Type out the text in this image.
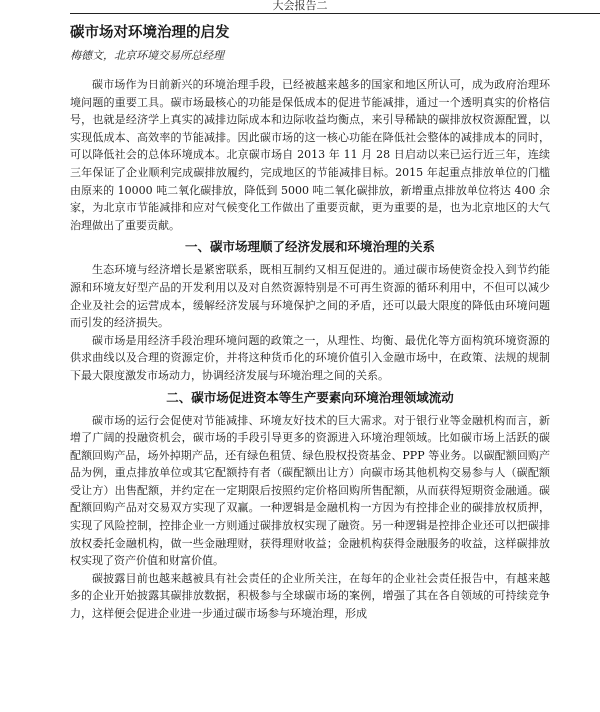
大会报告二
碳市场对环境治理的启发
梅德文，北京环境交易所总经理

碳市场作为日前新兴的环境治理手段，已经被越来越多的国家和地区所认可，成为政府治理环境问题的重要工具。碳市场最核心的功能是保低成本的促进节能减排，通过一个透明真实的价格信号，也就是经济学上真实的减排边际成本和边际收益均衡点，来引导稀缺的碳排放权资源配置，以实现低成本、高效率的节能减排。因此碳市场的这一核心功能在降低社会整体的减排成本的同时，可以降低社会的总体环境成本。北京碳市场自 2013 年 11 月 28 日启动以来已运行近三年，连续三年保证了企业顺利完成碳排放履约，完成地区的节能减排目标。2015 年起重点排放单位的门槛由原来的 10000 吨二氧化碳排放，降低到 5000 吨二氧化碳排放，新增重点排放单位将达 400 余家，为北京市节能减排和应对气候变化工作做出了重要贡献，更为重要的是，也为北京地区的大气治理做出了重要贡献。

一、碳市场理顺了经济发展和环境治理的关系

生态环境与经济增长是紧密联系，既相互制约又相互促进的。通过碳市场使资金投入到节约能源和环境友好型产品的开发利用以及对自然资源特别是不可再生资源的循环利用中，不但可以减少企业及社会的运营成本，缓解经济发展与环境保护之间的矛盾，还可以最大限度的降低由环境问题而引发的经济损失。

碳市场是用经济手段治理环境问题的政策之一，从理性、均衡、最优化等方面构筑环境资源的供求曲线以及合理的资源定价，并将这种货币化的环境价值引入金融市场中，在政策、法规的规制下最大限度激发市场动力，协调经济发展与环境治理之间的关系。

二、碳市场促进资本等生产要素向环境治理领域流动

碳市场的运行会促使对节能减排、环境友好技术的巨大需求。对于银行业等金融机构而言，新增了广阔的投融资机会，碳市场的手段引导更多的资源进入环境治理领域。比如碳市场上活跃的碳配额回购产品，场外掉期产品，还有绿色租赁、绿色股权投资基金、PPP 等业务。以碳配额回购产品为例，重点排放单位或其它配额持有者（碳配额出让方）向碳市场其他机构交易参与人（碳配额受让方）出售配额，并约定在一定期限后按照约定价格回购所售配额，从而获得短期资金融通。碳配额回购产品对交易双方实现了双赢。一种逻辑是金融机构一方因为有控排企业的碳排放权质押，实现了风险控制，控排企业一方则通过碳排放权实现了融资。另一种逻辑是控排企业还可以把碳排放权委托金融机构，做一些金融理财，获得理财收益；金融机构获得金融服务的收益，这样碳排放权实现了资产价值和财富价值。

碳披露目前也越来越被具有社会责任的企业所关注，在每年的企业社会责任报告中，有越来越多的企业开始披露其碳排放数据，积极参与全球碳市场的案例，增强了其在各自领域的可持续竞争力，这样便会促进企业进一步通过碳市场参与环境治理，形成
